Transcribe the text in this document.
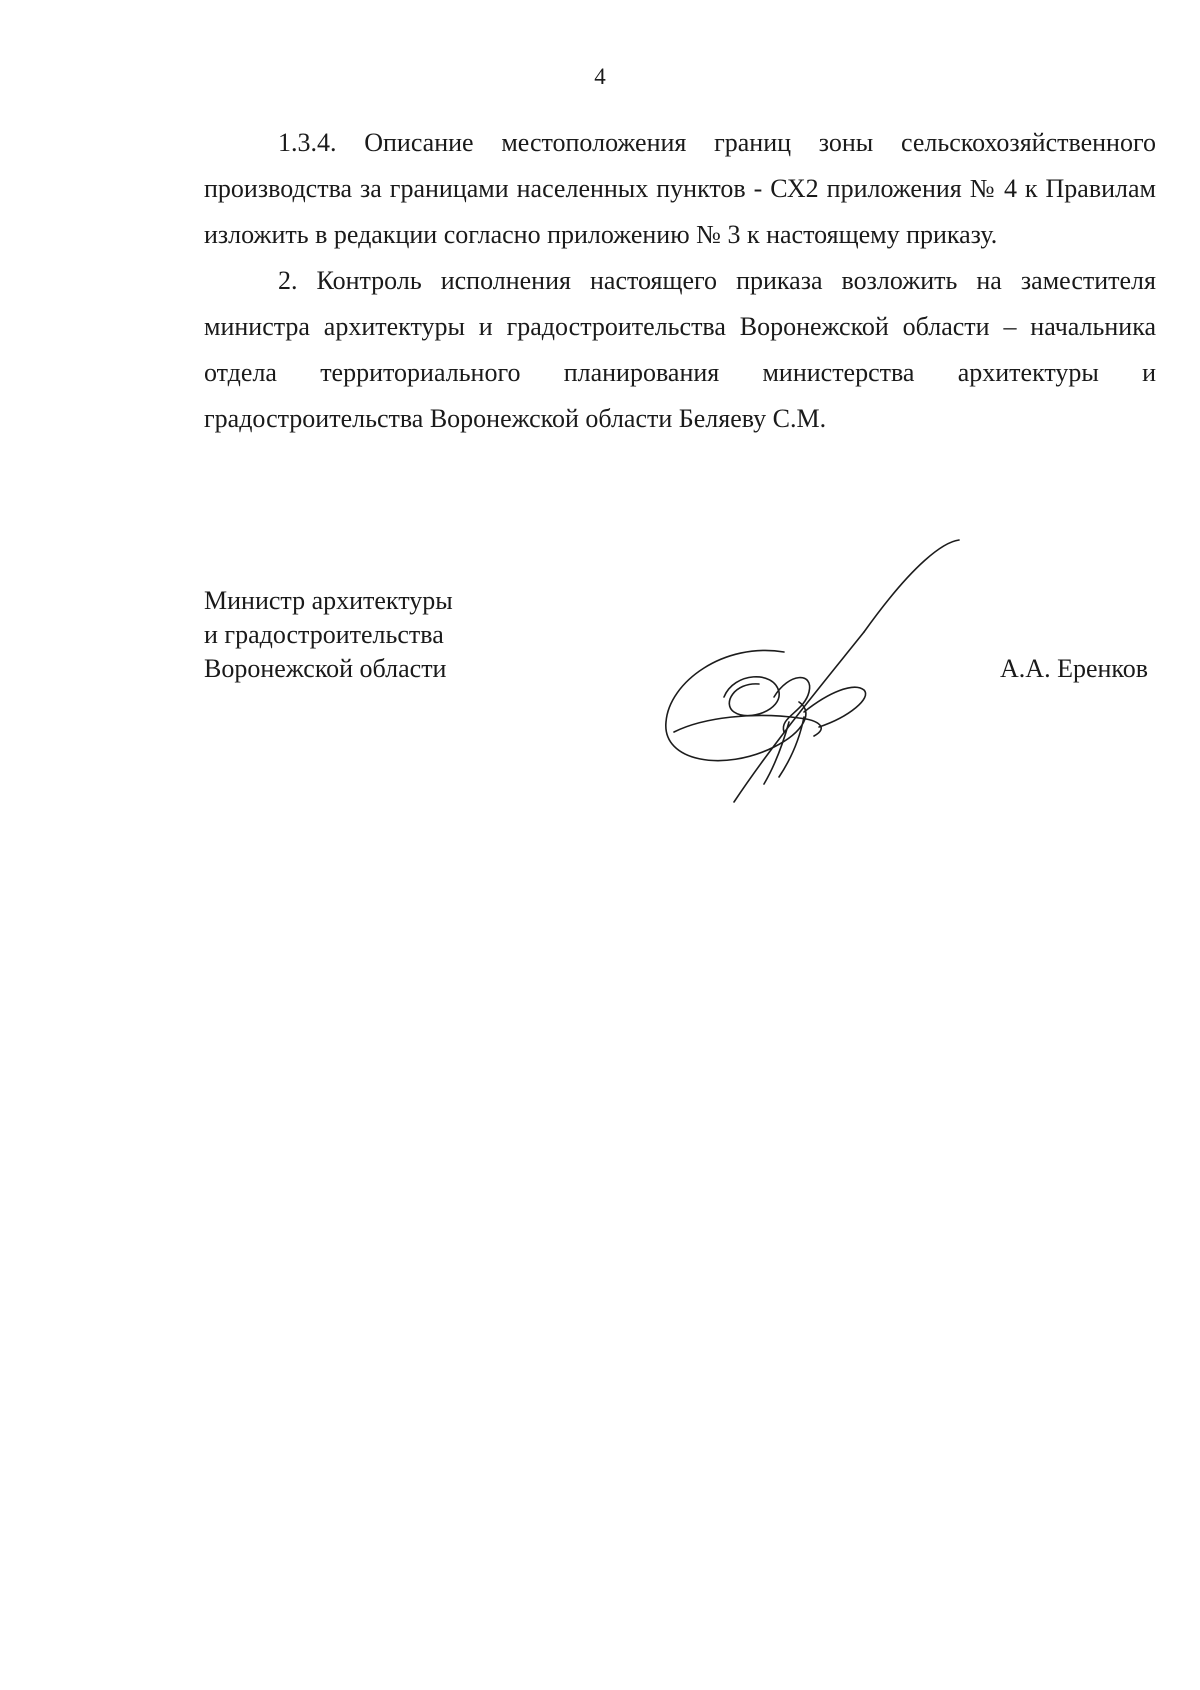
4

1.3.4. Описание местоположения границ зоны сельскохозяйственного производства за границами населенных пунктов - СХ2 приложения № 4 к Правилам изложить в редакции согласно приложению № 3 к настоящему приказу.

2. Контроль исполнения настоящего приказа возложить на заместителя министра архитектуры и градостроительства Воронежской области – начальника отдела территориального планирования министерства архитектуры и градостроительства Воронежской области Беляеву С.М.

Министр архитектуры
и градостроительства
Воронежской области	А.А. Еренков
